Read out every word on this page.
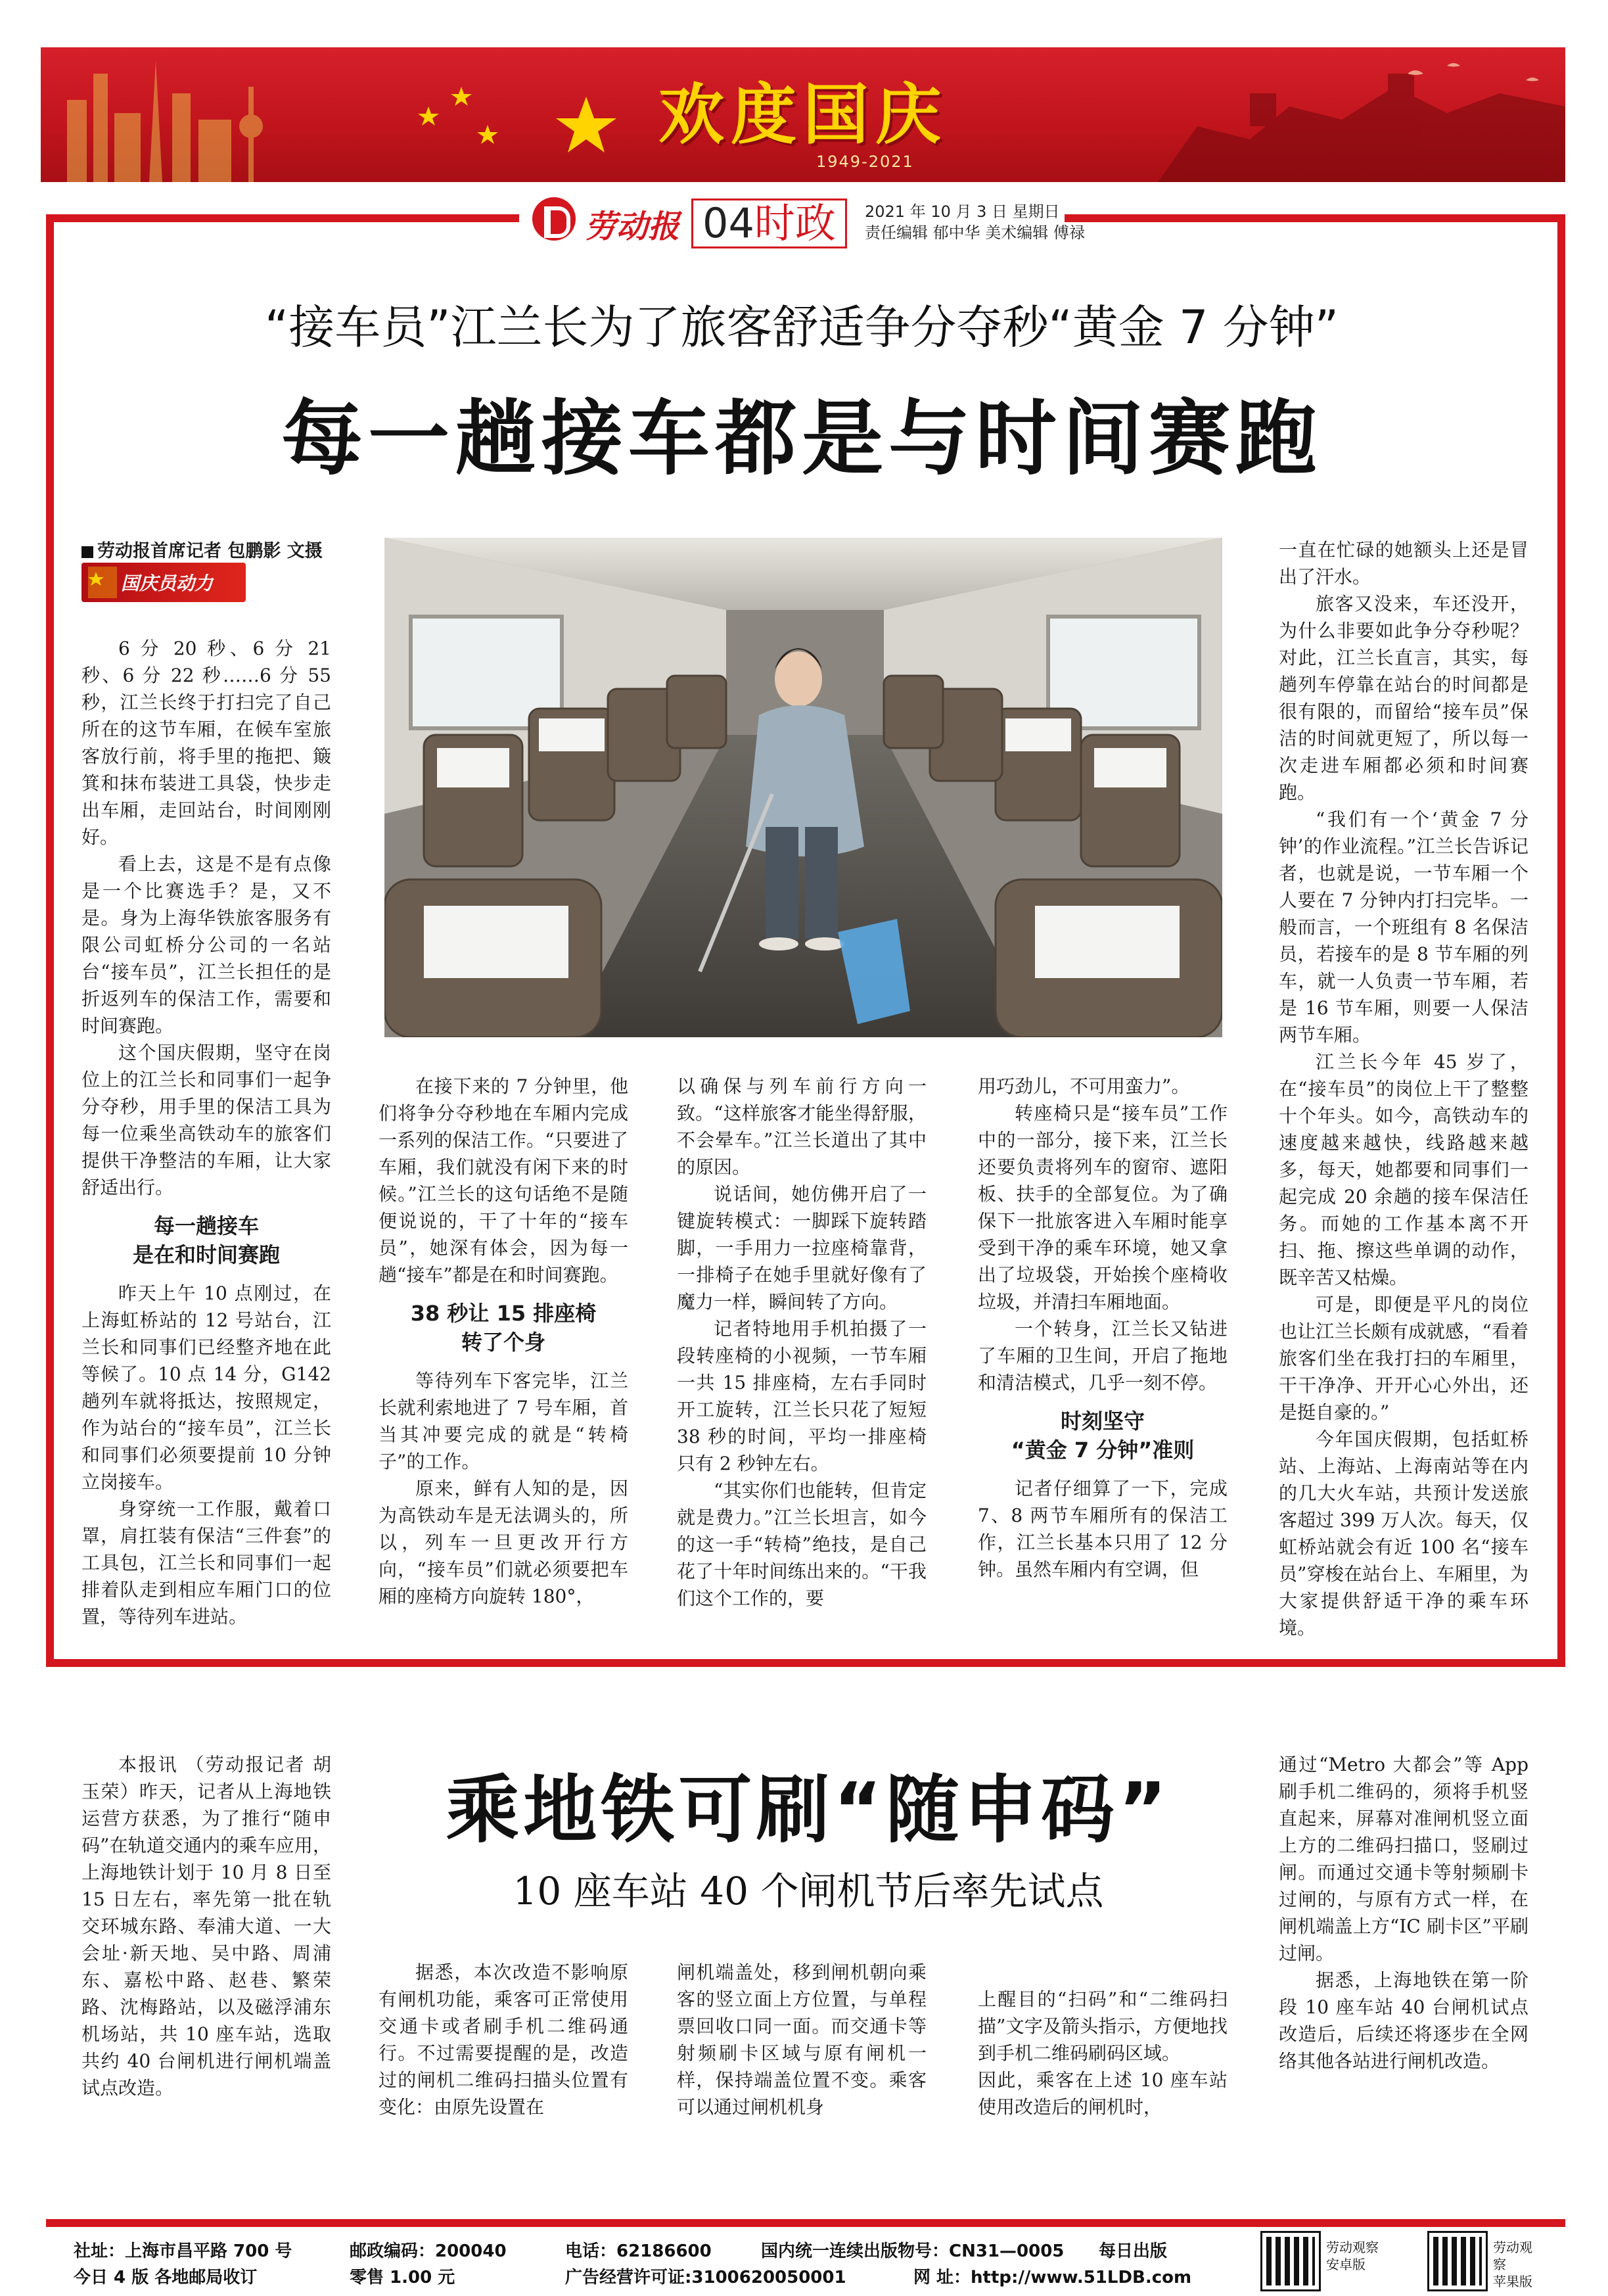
欢度国庆
1949-2021
劳动报 04时政	2021 年 10 月 3 日 星期日
责任编辑 郁中华 美术编辑 傅禄
“接车员”江兰长为了旅客舒适争分夺秒“黄金 7 分钟”
每一趟接车都是与时间赛跑
劳动报首席记者 包鹏影 文摄
国庆员动力

6 分 20 秒、6 分 21 秒、6 分 22 秒……6 分 55 秒，江兰长终于打扫完了自己所在的这节车厢，在候车室旅客放行前，将手里的拖把、簸箕和抹布装进工具袋，快步走出车厢，走回站台，时间刚刚好。

看上去，这是不是有点像是一个比赛选手？是，又不是。身为上海华铁旅客服务有限公司虹桥分公司的一名站台“接车员”，江兰长担任的是折返列车的保洁工作，需要和时间赛跑。

这个国庆假期，坚守在岗位上的江兰长和同事们一起争分夺秒，用手里的保洁工具为每一位乘坐高铁动车的旅客们提供干净整洁的车厢，让大家舒适出行。

每一趟接车
是在和时间赛跑

昨天上午 10 点刚过，在上海虹桥站的 12 号站台，江兰长和同事们已经整齐地在此等候了。10 点 14 分，G142 趟列车就将抵达，按照规定，作为站台的“接车员”，江兰长和同事们必须要提前 10 分钟立岗接车。

身穿统一工作服，戴着口罩，肩扛装有保洁“三件套”的工具包，江兰长和同事们一起排着队走到相应车厢门口的位置，等待列车进站。

在接下来的 7 分钟里，他们将争分夺秒地在车厢内完成一系列的保洁工作。“只要进了车厢，我们就没有闲下来的时候。”江兰长的这句话绝不是随便说说的，干了十年的“接车员”，她深有体会，因为每一趟“接车”都是在和时间赛跑。

38 秒让 15 排座椅
转了个身

等待列车下客完毕，江兰长就利索地进了 7 号车厢，首当其冲要完成的就是“转椅子”的工作。

原来，鲜有人知的是，因为高铁动车是无法调头的，所以，列车一旦更改开行方向，“接车员”们就必须要把车厢的座椅方向旋转 180°，

以确保与列车前行方向一致。“这样旅客才能坐得舒服，不会晕车。”江兰长道出了其中的原因。

说话间，她仿佛开启了一键旋转模式：一脚踩下旋转踏脚，一手用力一拉座椅靠背，一排椅子在她手里就好像有了魔力一样，瞬间转了方向。

记者特地用手机拍摄了一段转座椅的小视频，一节车厢一共 15 排座椅，左右手同时开工旋转，江兰长只花了短短 38 秒的时间，平均一排座椅只有 2 秒钟左右。

“其实你们也能转，但肯定就是费力。”江兰长坦言，如今的这一手“转椅”绝技，是自己花了十年时间练出来的。“干我们这个工作的，要

用巧劲儿，不可用蛮力”。

转座椅只是“接车员”工作中的一部分，接下来，江兰长还要负责将列车的窗帘、遮阳板、扶手的全部复位。为了确保下一批旅客进入车厢时能享受到干净的乘车环境，她又拿出了垃圾袋，开始挨个座椅收垃圾，并清扫车厢地面。

一个转身，江兰长又钻进了车厢的卫生间，开启了拖地和清洁模式，几乎一刻不停。

时刻坚守
“黄金 7 分钟”准则

记者仔细算了一下，完成 7、8 两节车厢所有的保洁工作，江兰长基本只用了 12 分钟。虽然车厢内有空调，但

一直在忙碌的她额头上还是冒出了汗水。

旅客又没来，车还没开，为什么非要如此争分夺秒呢？对此，江兰长直言，其实，每趟列车停靠在站台的时间都是很有限的，而留给“接车员”保洁的时间就更短了，所以每一次走进车厢都必须和时间赛跑。

“我们有一个‘黄金 7 分钟’的作业流程。”江兰长告诉记者，也就是说，一节车厢一个人要在 7 分钟内打扫完毕。一般而言，一个班组有 8 名保洁员，若接车的是 8 节车厢的列车，就一人负责一节车厢，若是 16 节车厢，则要一人保洁两节车厢。

江兰长今年 45 岁了，在“接车员”的岗位上干了整整十个年头。如今，高铁动车的速度越来越快，线路越来越多，每天，她都要和同事们一起完成 20 余趟的接车保洁任务。而她的工作基本离不开扫、拖、擦这些单调的动作，既辛苦又枯燥。

可是，即便是平凡的岗位也让江兰长颇有成就感，“看着旅客们坐在我打扫的车厢里，干干净净、开开心心外出，还是挺自豪的。”

今年国庆假期，包括虹桥站、上海站、上海南站等在内的几大火车站，共预计发送旅客超过 399 万人次。每天，仅虹桥站就会有近 100 名“接车员”穿梭在站台上、车厢里，为大家提供舒适干净的乘车环境。

本报讯 （劳动报记者 胡玉荣）昨天，记者从上海地铁运营方获悉，为了推行“随申码”在轨道交通内的乘车应用，上海地铁计划于 10 月 8 日至 15 日左右，率先第一批在轨交环城东路、奉浦大道、一大会址·新天地、吴中路、周浦东、嘉松中路、赵巷、繁荣路、沈梅路站，以及磁浮浦东机场站，共 10 座车站，选取共约 40 台闸机进行闸机端盖试点改造。

乘地铁可刷“随申码”
10 座车站 40 个闸机节后率先试点

据悉，本次改造不影响原有闸机功能，乘客可正常使用交通卡或者刷手机二维码通行。不过需要提醒的是，改造过的闸机二维码扫描头位置有变化：由原先设置在

闸机端盖处，移到闸机朝向乘客的竖立面上方位置，与单程票回收口同一面。而交通卡等射频刷卡区域与原有闸机一样，保持端盖位置不变。乘客可以通过闸机机身

上醒目的“扫码”和“二维码扫描”文字及箭头指示，方便地找到手机二维码刷码区域。
因此，乘客在上述 10 座车站使用改造后的闸机时，

通过“Metro 大都会”等 App 刷手机二维码的，须将手机竖直起来，屏幕对准闸机竖立面上方的二维码扫描口，竖刷过闸。而通过交通卡等射频刷卡过闸的，与原有方式一样，在闸机端盖上方“IC 刷卡区”平刷过闸。

据悉，上海地铁在第一阶段 10 座车站 40 台闸机试点改造后，后续还将逐步在全网络其他各站进行闸机改造。

社址：上海市昌平路 700 号
今日 4 版 各地邮局收订
邮政编码：200040
零售 1.00 元
电话：62186600
广告经营许可证:3100620050001
国内统一连续出版物号：CN31—0005
网 址：http://www.51LDB.com
每日出版	劳动观察
安卓版
劳动观察
苹果版
